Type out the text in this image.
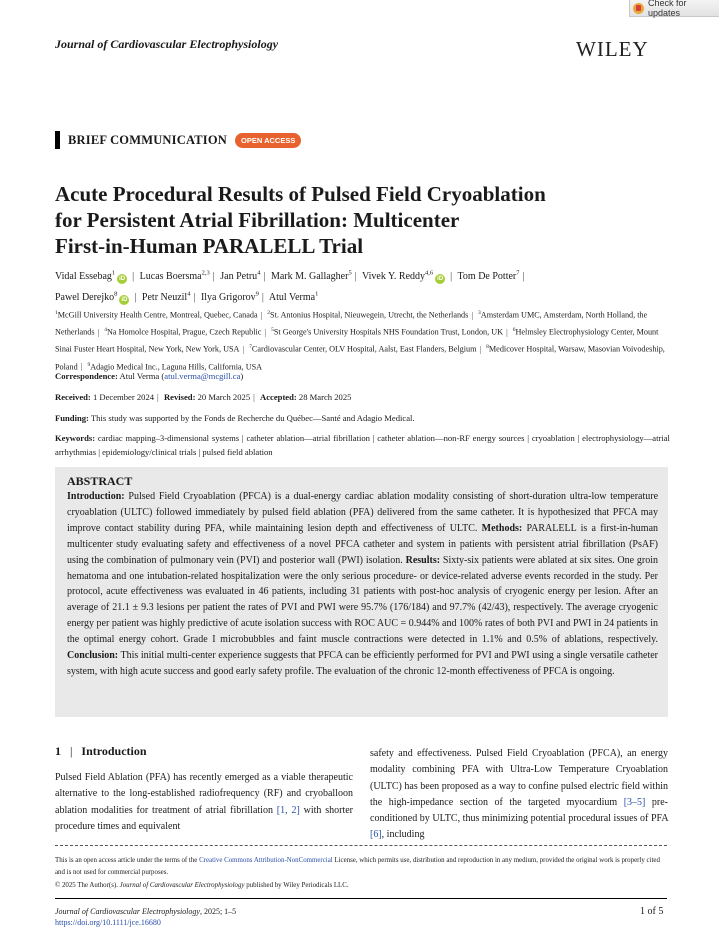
Check for updates
Journal of Cardiovascular Electrophysiology	WILEY
BRIEF COMMUNICATION	OPEN ACCESS
Acute Procedural Results of Pulsed Field Cryoablation
for Persistent Atrial Fibrillation: Multicenter
First-in-Human PARALELL Trial
Vidal Essebag$^1$iD | Lucas Boersma$^{2,3}$ | Jan Petru$^4$ | Mark M. Gallagher$^5$ | Vivek Y. Reddy$^{4,6}$iD | Tom De Potter$^7$ |
Pawel Derejko$^8$iD | Petr Neuzil$^4$ | Ilya Grigorov$^9$ | Atul Verma$^1$
$^1$McGill University Health Centre, Montreal, Quebec, Canada | $^2$St. Antonius Hospital, Nieuwegein, Utrecht, the Netherlands | $^3$Amsterdam UMC, Amsterdam, North Holland, the Netherlands | $^4$Na Homolce Hospital, Prague, Czech Republic | $^5$St George's University Hospitals NHS Foundation Trust, London, UK | $^6$Helmsley Electrophysiology Center, Mount Sinai Fuster Heart Hospital, New York, New York, USA | $^7$Cardiovascular Center, OLV Hospital, Aalst, East Flanders, Belgium | $^8$Medicover Hospital, Warsaw, Masovian Voivodeship, Poland | $^9$Adagio Medical Inc., Laguna Hills, California, USA
Correspondence: Atul Verma (atul.verma@mcgill.ca)
Received: 1 December 2024 | Revised: 20 March 2025 | Accepted: 28 March 2025
Funding: This study was supported by the Fonds de Recherche du Québec—Santé and Adagio Medical.
Keywords: cardiac mapping–3-dimensional systems | catheter ablation—atrial fibrillation | catheter ablation—non-RF energy sources | cryoablation | electrophysiology—atrial arrhythmias | epidemiology/clinical trials | pulsed field ablation
ABSTRACT
Introduction: Pulsed Field Cryoablation (PFCA) is a dual-energy cardiac ablation modality consisting of short-duration ultra-low temperature cryoablation (ULTC) followed immediately by pulsed field ablation (PFA) delivered from the same catheter. It is hypothesized that PFCA may improve contact stability during PFA, while maintaining lesion depth and effectiveness of ULTC. Methods: PARALELL is a first-in-human multicenter study evaluating safety and effectiveness of a novel PFCA catheter and system in patients with persistent atrial fibrillation (PsAF) using the combination of pulmonary vein (PVI) and posterior wall (PWI) isolation. Results: Sixty-six patients were ablated at six sites. One groin hematoma and one intubation-related hospitalization were the only serious procedure- or device-related adverse events recorded in the study. Per protocol, acute effectiveness was evaluated in 46 patients, including 31 patients with post-hoc analysis of cryogenic energy per lesion. After an average of 21.1 ± 9.3 lesions per patient the rates of PVI and PWI were 95.7% (176/184) and 97.7% (42/43), respectively. The average cryogenic energy per patient was highly predictive of acute isolation success with ROC AUC = 0.944% and 100% rates of both PVI and PWI in 24 patients in the optimal energy cohort. Grade I microbubbles and faint muscle contractions were detected in 1.1% and 0.5% of ablations, respectively. Conclusion: This initial multi-center experience suggests that PFCA can be efficiently performed for PVI and PWI using a single versatile catheter system, with high acute success and good early safety profile. The evaluation of the chronic 12-month effectiveness of PFCA is ongoing.
1 | Introduction
Pulsed Field Ablation (PFA) has recently emerged as a viable therapeutic alternative to the long-established radiofrequency (RF) and cryoballoon ablation modalities for treatment of atrial fibrillation [1, 2] with shorter procedure times and equivalent
safety and effectiveness. Pulsed Field Cryoablation (PFCA), an energy modality combining PFA with Ultra-Low Temperature Cryoablation (ULTC) has been proposed as a way to confine pulsed electric field within the high-impedance section of the targeted myocardium [3–5] pre-conditioned by ULTC, thus minimizing potential procedural issues of PFA [6], including
This is an open access article under the terms of the Creative Commons Attribution-NonCommercial License, which permits use, distribution and reproduction in any medium, provided the original work is properly cited and is not used for commercial purposes.
© 2025 The Author(s). Journal of Cardiovascular Electrophysiology published by Wiley Periodicals LLC.
Journal of Cardiovascular Electrophysiology, 2025; 1–5
https://doi.org/10.1111/jce.16680
1 of 5
